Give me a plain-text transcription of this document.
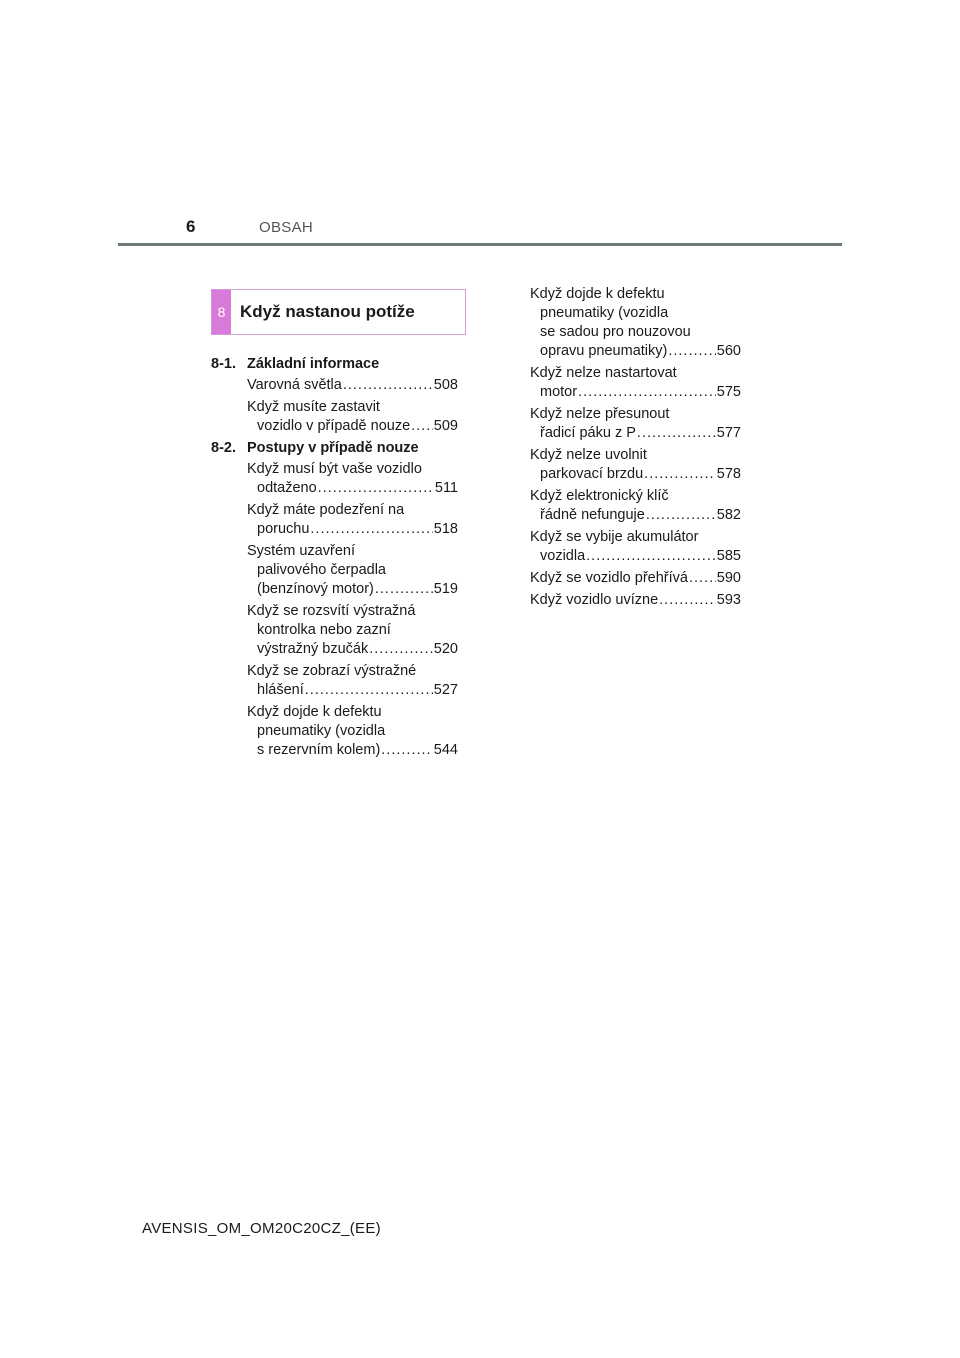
6	OBSAH
8 Když nastanou potíže
8-1. Základní informace
Varovná světla .....	508
Když musíte zastavit
vozidlo v případě nouze ..... 509
8-2. Postupy v případě nouze
Když musí být vaše vozidlo
odtaženo .....	511
Když máte podezření na
poruchu .....	518
Systém uzavření
palivového čerpadla
(benzínový motor) .....	519
Když se rozsvítí výstražná
kontrolka nebo zazní
výstražný bzučák .....	520
Když se zobrazí výstražné
hlášení .....	527
Když dojde k defektu
pneumatiky (vozidla
s rezervním kolem) .....	544
Když dojde k defektu
pneumatiky (vozidla
se sadou pro nouzovou
opravu pneumatiky) .....	560
Když nelze nastartovat
motor .....	575
Když nelze přesunout
řadicí páku z P .....	577
Když nelze uvolnit
parkovací brzdu .....	578
Když elektronický klíč
řádně nefunguje .....	582
Když se vybije akumulátor
vozidla .....	585
Když se vozidlo přehřívá ..... 590
Když vozidlo uvízne .....	593
AVENSIS_OM_OM20C20CZ_(EE)
